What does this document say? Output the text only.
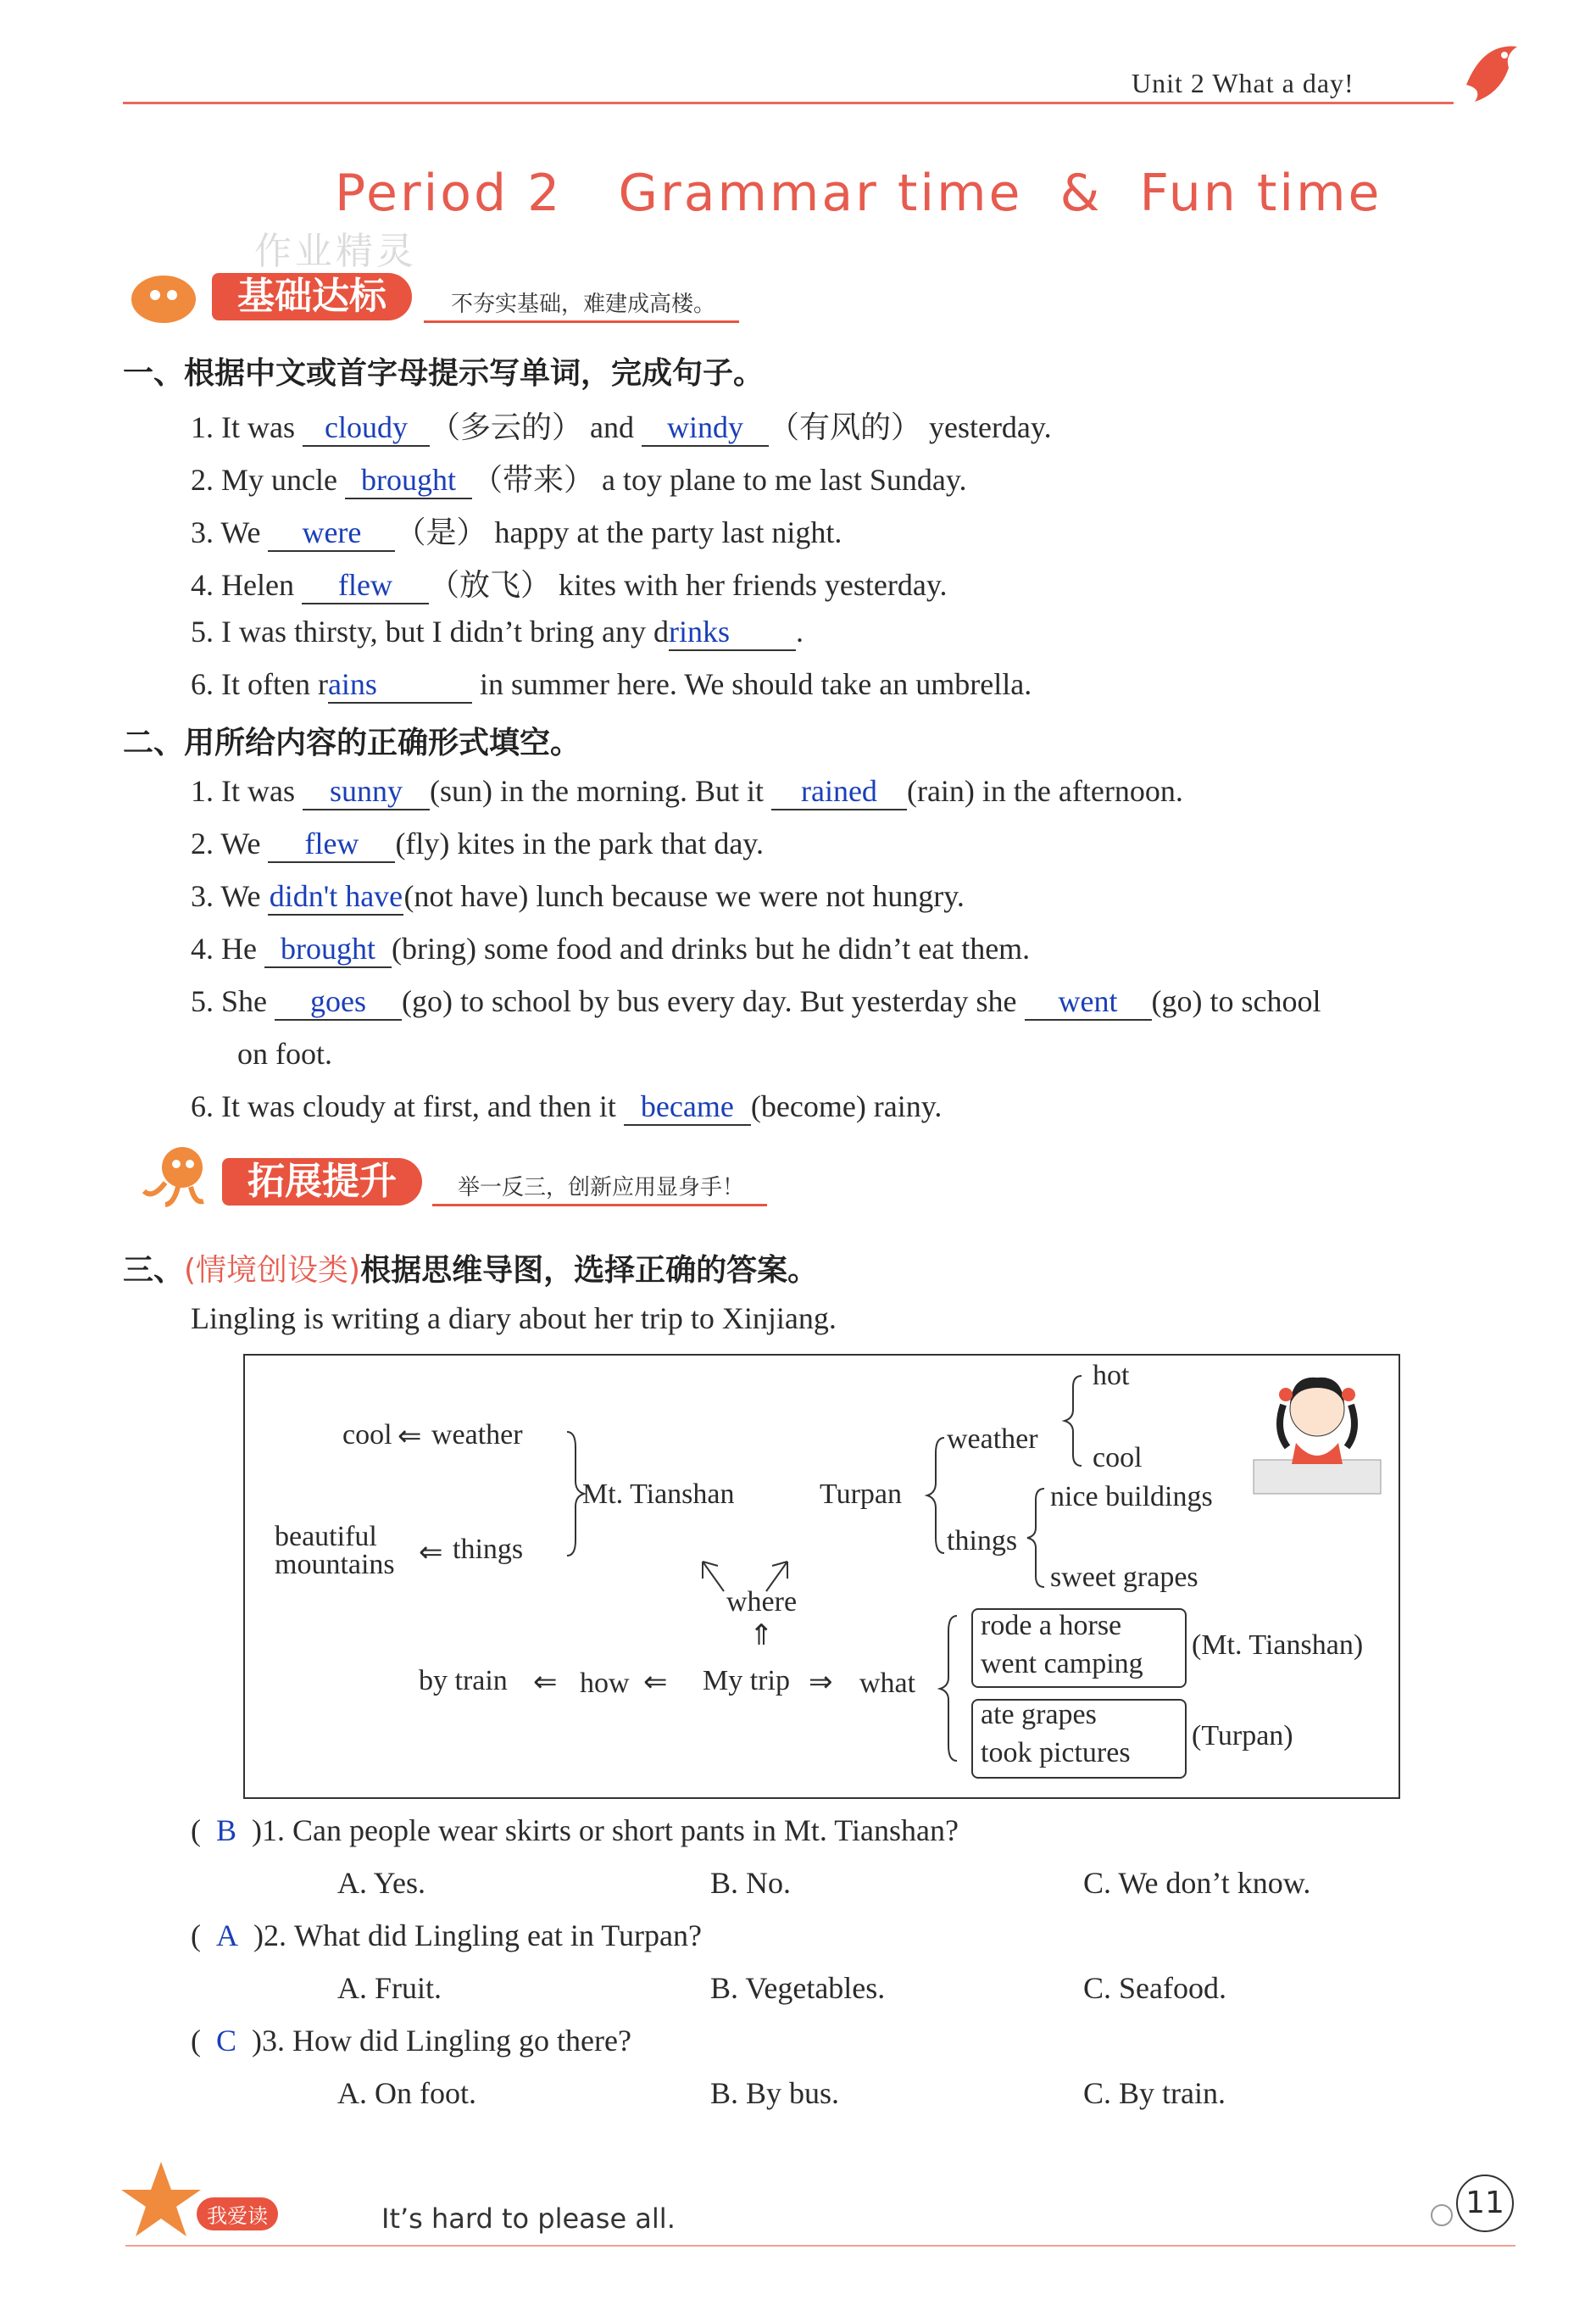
Unit 2 What a day!
Period 2   Grammar time  &  Fun time
作业精灵
基础达标	不夯实基础，难建成高楼。
一、根据中文或首字母提示写单词，完成句子。
1. It was cloudy （多云的） and windy （有风的） yesterday.
2. My uncle brought （带来） a toy plane to me last Sunday.
3. We were （是） happy at the party last night.
4. Helen flew （放飞） kites with her friends yesterday.
5. I was thirsty, but I didn’t bring any drinks .
6. It often rains	in summer here. We should take an umbrella.
二、用所给内容的正确形式填空。
1. It was sunny (sun) in the morning. But it rained (rain) in the afternoon.
2. We flew (fly) kites in the park that day.
3. We didn't have(not have) lunch because we were not hungry.
4. He brought (bring) some food and drinks but he didn’t eat them.
5. She goes (go) to school by bus every day. But yesterday she went (go) to school
on foot.
6. It was cloudy at first, and then it became (become) rainy.
拓展提升	举一反三，创新应用显身手！
三、(情境创设类)根据思维导图，选择正确的答案。
Lingling is writing a diary about her trip to Xinjiang.
cool ⇐ weather
beautiful
mountains ⇐ things
Mt. Tianshan	Turpan
weather
hot
cool
things
nice buildings
sweet grapes
where
⇑
by train ⇐ how ⇐ My trip ⇒ what
rode a horse
went camping
(Mt. Tianshan)
ate grapes
took pictures
(Turpan)
(  B )1. Can people wear skirts or short pants in Mt. Tianshan?
A. Yes.	B. No.	C. We don’t know.
(  A )2. What did Lingling eat in Turpan?
A. Fruit.	B. Vegetables.	C. Seafood.
(  C )3. How did Lingling go there?
A. On foot.	B. By bus.	C. By train.
我爱读	It’s hard to please all.	11
